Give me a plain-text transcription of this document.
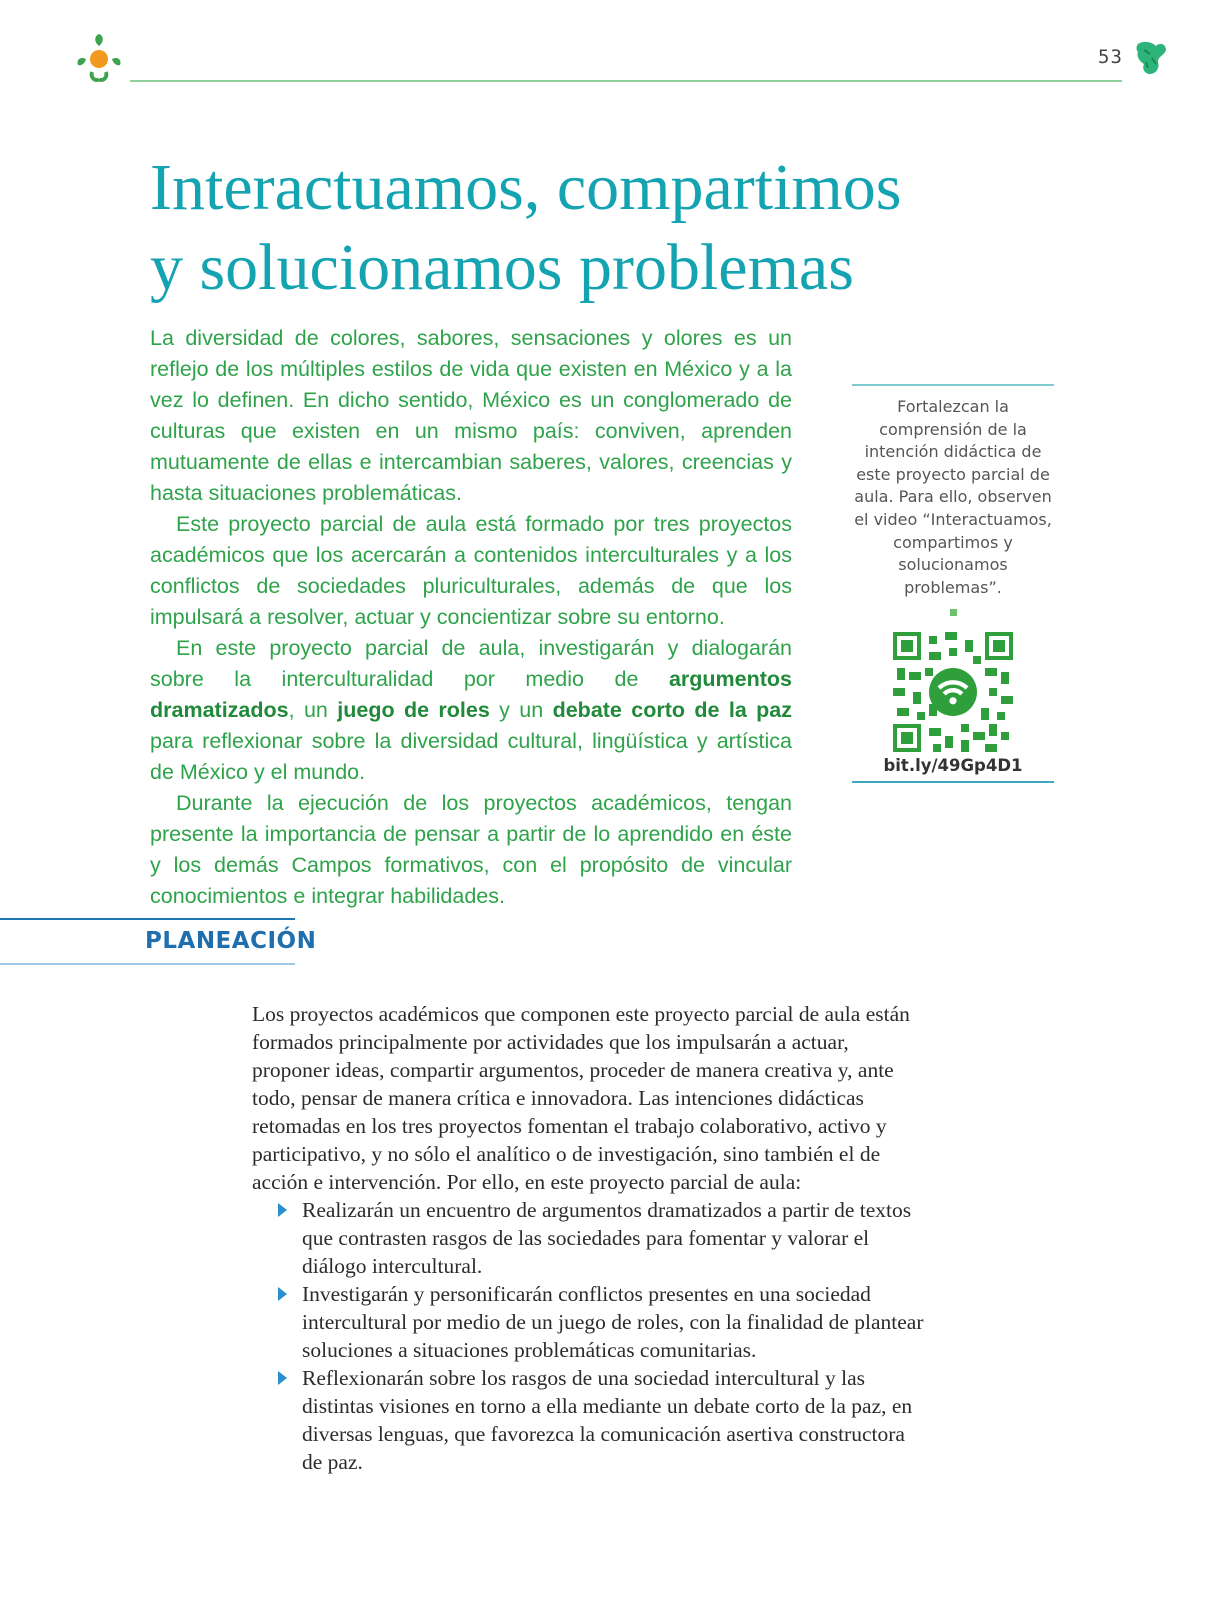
53
Interactuamos, compartimos
y solucionamos problemas

La diversidad de colores, sabores, sensaciones y olores es un reflejo de los múltiples estilos de vida que existen en México y a la vez lo definen. En dicho sentido, México es un conglomerado de culturas que existen en un mismo país: conviven, aprenden mutuamente de ellas e intercambian saberes, valores, creencias y hasta situaciones problemáticas.

Este proyecto parcial de aula está formado por tres proyectos académicos que los acercarán a contenidos interculturales y a los conflictos de sociedades pluriculturales, además de que los impulsará a resolver, actuar y concientizar sobre su entorno.

En este proyecto parcial de aula, investigarán y dialogarán sobre la interculturalidad por medio de argumentos dramatizados, un juego de roles y un debate corto de la paz para reflexionar sobre la diversidad cultural, lingüística y artística de México y el mundo.

Durante la ejecución de los proyectos académicos, tengan presente la importancia de pensar a partir de lo aprendido en éste y los demás Campos formativos, con el propósito de vincular conocimientos e integrar habilidades.

Fortalezcan la comprensión de la intención didáctica de este proyecto parcial de aula. Para ello, observen el video “Interactuamos, compartimos y solucionamos problemas”.
bit.ly/49Gp4D1
PLANEACIÓN

Los proyectos académicos que componen este proyecto parcial de aula están formados principalmente por actividades que los impulsarán a actuar, proponer ideas, compartir argumentos, proceder de manera creativa y, ante todo, pensar de manera crítica e innovadora. Las intenciones didácticas retomadas en los tres proyectos fomentan el trabajo colaborativo, activo y participativo, y no sólo el analítico o de investigación, sino también el de acción e intervención. Por ello, en este proyecto parcial de aula:

Realizarán un encuentro de argumentos dramatizados a partir de textos que contrasten rasgos de las sociedades para fomentar y valorar el diálogo intercultural.
Investigarán y personificarán conflictos presentes en una sociedad intercultural por medio de un juego de roles, con la finalidad de plantear soluciones a situaciones problemáticas comunitarias.
Reflexionarán sobre los rasgos de una sociedad intercultural y las distintas visiones en torno a ella mediante un debate corto de la paz, en diversas lenguas, que favorezca la comunicación asertiva constructora de paz.
